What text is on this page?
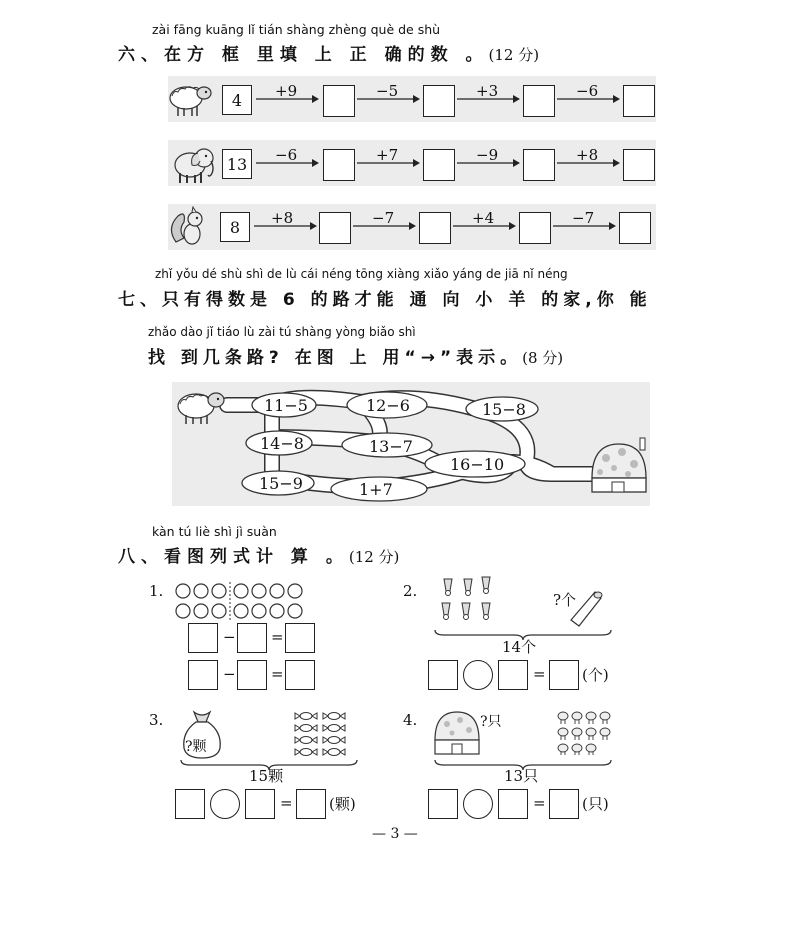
zài fāng kuāng lǐ tián shàng zhèng què de shù
六、在方 框 里填 上 正 确的数 。(12 分)
4	+9	−5	+3	−6
13	−6	+7	−9	+8
8	+8	−7	+4	−7
zhǐ yǒu dé shù shì de lù cái néng tōng xiàng xiǎo yáng de jiā nǐ néng
七、只有得数是 6 的路才能 通 向 小 羊 的家,你 能
zhǎo dào jǐ tiáo lù zài tú shàng yòng biǎo shì
找 到几条路? 在图 上 用“→”表示。(8 分)
11−5	12−6	15−8
14−8	13−7
16−10
15−9	1+7
kàn tú liè shì jì suàn
八、看图列式计 算 。(12 分)
1.
− =
− =
2.	?个
14个
= (个)
3.
?颗
15颗
= (颗)
4.	?只
13只
= (只)
— 3 —
